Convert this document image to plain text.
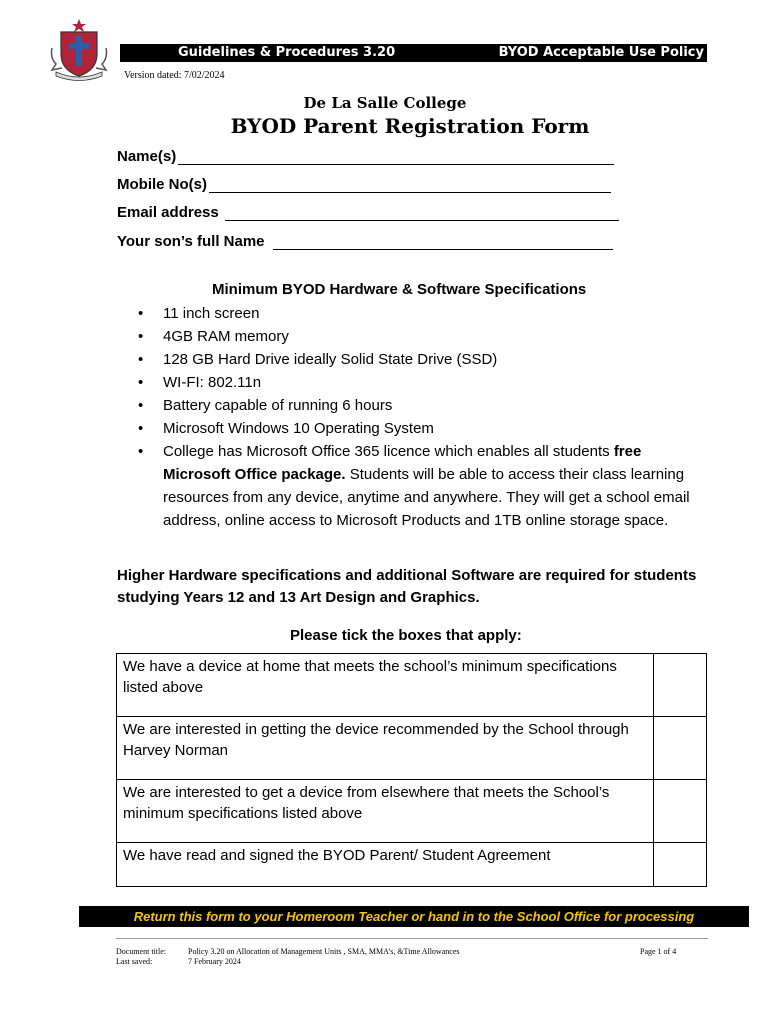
Guidelines & Procedures 3.20	BYOD Acceptable Use Policy
Version dated: 7/02/2024
De La Salle College
BYOD Parent Registration Form
Name(s)
Mobile No(s)
Email address
Your son’s full Name
Minimum BYOD Hardware & Software Specifications
• 11 inch screen
• 4GB RAM memory
• 128 GB Hard Drive ideally Solid State Drive (SSD)
• WI-FI: 802.11n
• Battery capable of running 6 hours
• Microsoft Windows 10 Operating System
• College has Microsoft Office 365 licence which enables all students free Microsoft Office package. Students will be able to access their class learning resources from any device, anytime and anywhere. They will get a school email address, online access to Microsoft Products and 1TB online storage space.
Higher Hardware specifications and additional Software are required for students studying Years 12 and 13 Art Design and Graphics.
Please tick the boxes that apply:
We have a device at home that meets the school’s minimum specifications listed above	
We are interested in getting the device recommended by the School through Harvey Norman	
We are interested to get a device from elsewhere that meets the School’s minimum specifications listed above	
We have read and signed the BYOD Parent/ Student Agreement	
Return this form to your Homeroom Teacher or hand in to the School Office for processing
Document title:
Last saved:
Policy 3.20 on Allocation of Management Units , SMA, MMA’s, &Time Allowances
7 February 2024
Page 1 of 4
